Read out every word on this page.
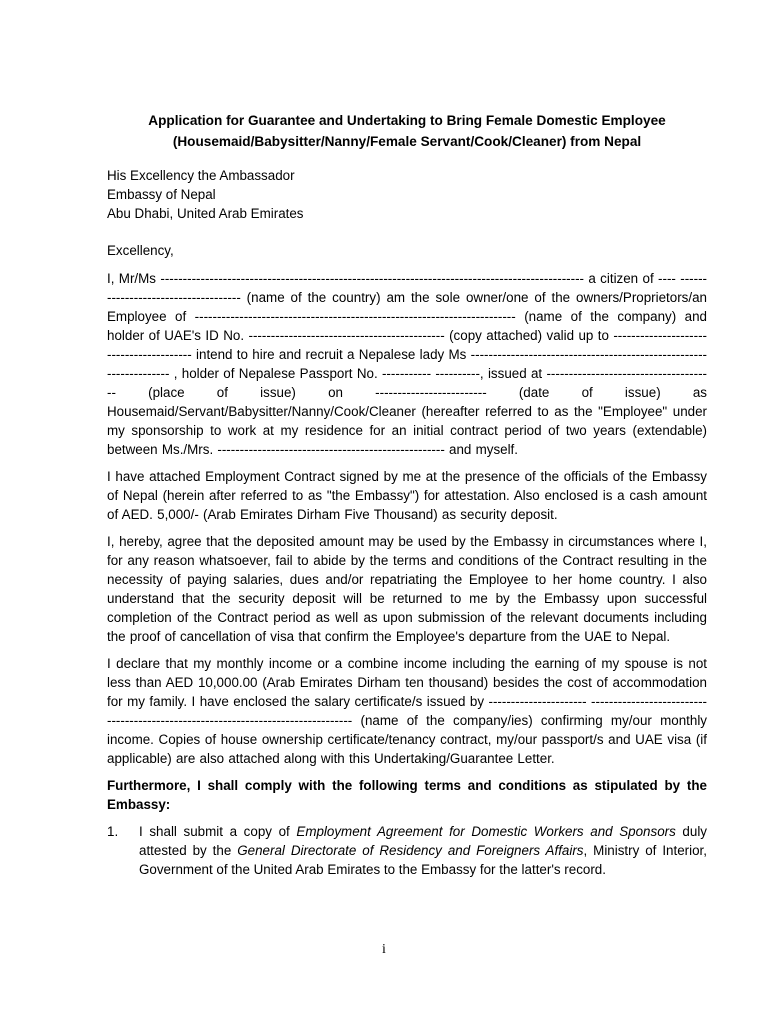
Application for Guarantee and Undertaking to Bring Female Domestic Employee
(Housemaid/Babysitter/Nanny/Female Servant/Cook/Cleaner) from Nepal
His Excellency the Ambassador
Embassy of Nepal
Abu Dhabi, United Arab Emirates
Excellency,

I, Mr/Ms ----------------------------------------------------------------------------------------------- a citizen of ---- ------------------------------------ (name of the country) am the sole owner/one of the owners/Proprietors/an Employee of ------------------------------------------------------------------------ (name of the company) and holder of UAE's ID No. -------------------------------------------- (copy attached) valid up to ---------------------------------------- intend to hire and recruit a Nepalese lady Ms ------------------------------------------------------------------- , holder of Nepalese Passport No. ----------- ----------, issued at -------------------------------------- (place of issue) on ------------------------- (date of issue) as Housemaid/Servant/Babysitter/Nanny/Cook/Cleaner (hereafter referred to as the "Employee" under my sponsorship to work at my residence for an initial contract period of two years (extendable) between Ms./Mrs. --------------------------------------------------- and myself.

I have attached Employment Contract signed by me at the presence of the officials of the Embassy of Nepal (herein after referred to as "the Embassy") for attestation. Also enclosed is a cash amount of AED. 5,000/- (Arab Emirates Dirham Five Thousand) as security deposit.

I, hereby, agree that the deposited amount may be used by the Embassy in circumstances where I, for any reason whatsoever, fail to abide by the terms and conditions of the Contract resulting in the necessity of paying salaries, dues and/or repatriating the Employee to her home country. I also understand that the security deposit will be returned to me by the Embassy upon successful completion of the Contract period as well as upon submission of the relevant documents including the proof of cancellation of visa that confirm the Employee's departure from the UAE to Nepal.

I declare that my monthly income or a combine income including the earning of my spouse is not less than AED 10,000.00 (Arab Emirates Dirham ten thousand) besides the cost of accommodation for my family. I have enclosed the salary certificate/s issued by ---------------------- --------------------------------------------------------------------------------- (name of the company/ies) confirming my/our monthly income. Copies of house ownership certificate/tenancy contract, my/our passport/s and UAE visa (if applicable) are also attached along with this Undertaking/Guarantee Letter.

Furthermore, I shall comply with the following terms and conditions as stipulated by the Embassy:

1.	I shall submit a copy of Employment Agreement for Domestic Workers and Sponsors duly attested by the General Directorate of Residency and Foreigners Affairs, Ministry of Interior, Government of the United Arab Emirates to the Embassy for the latter's record.
i
